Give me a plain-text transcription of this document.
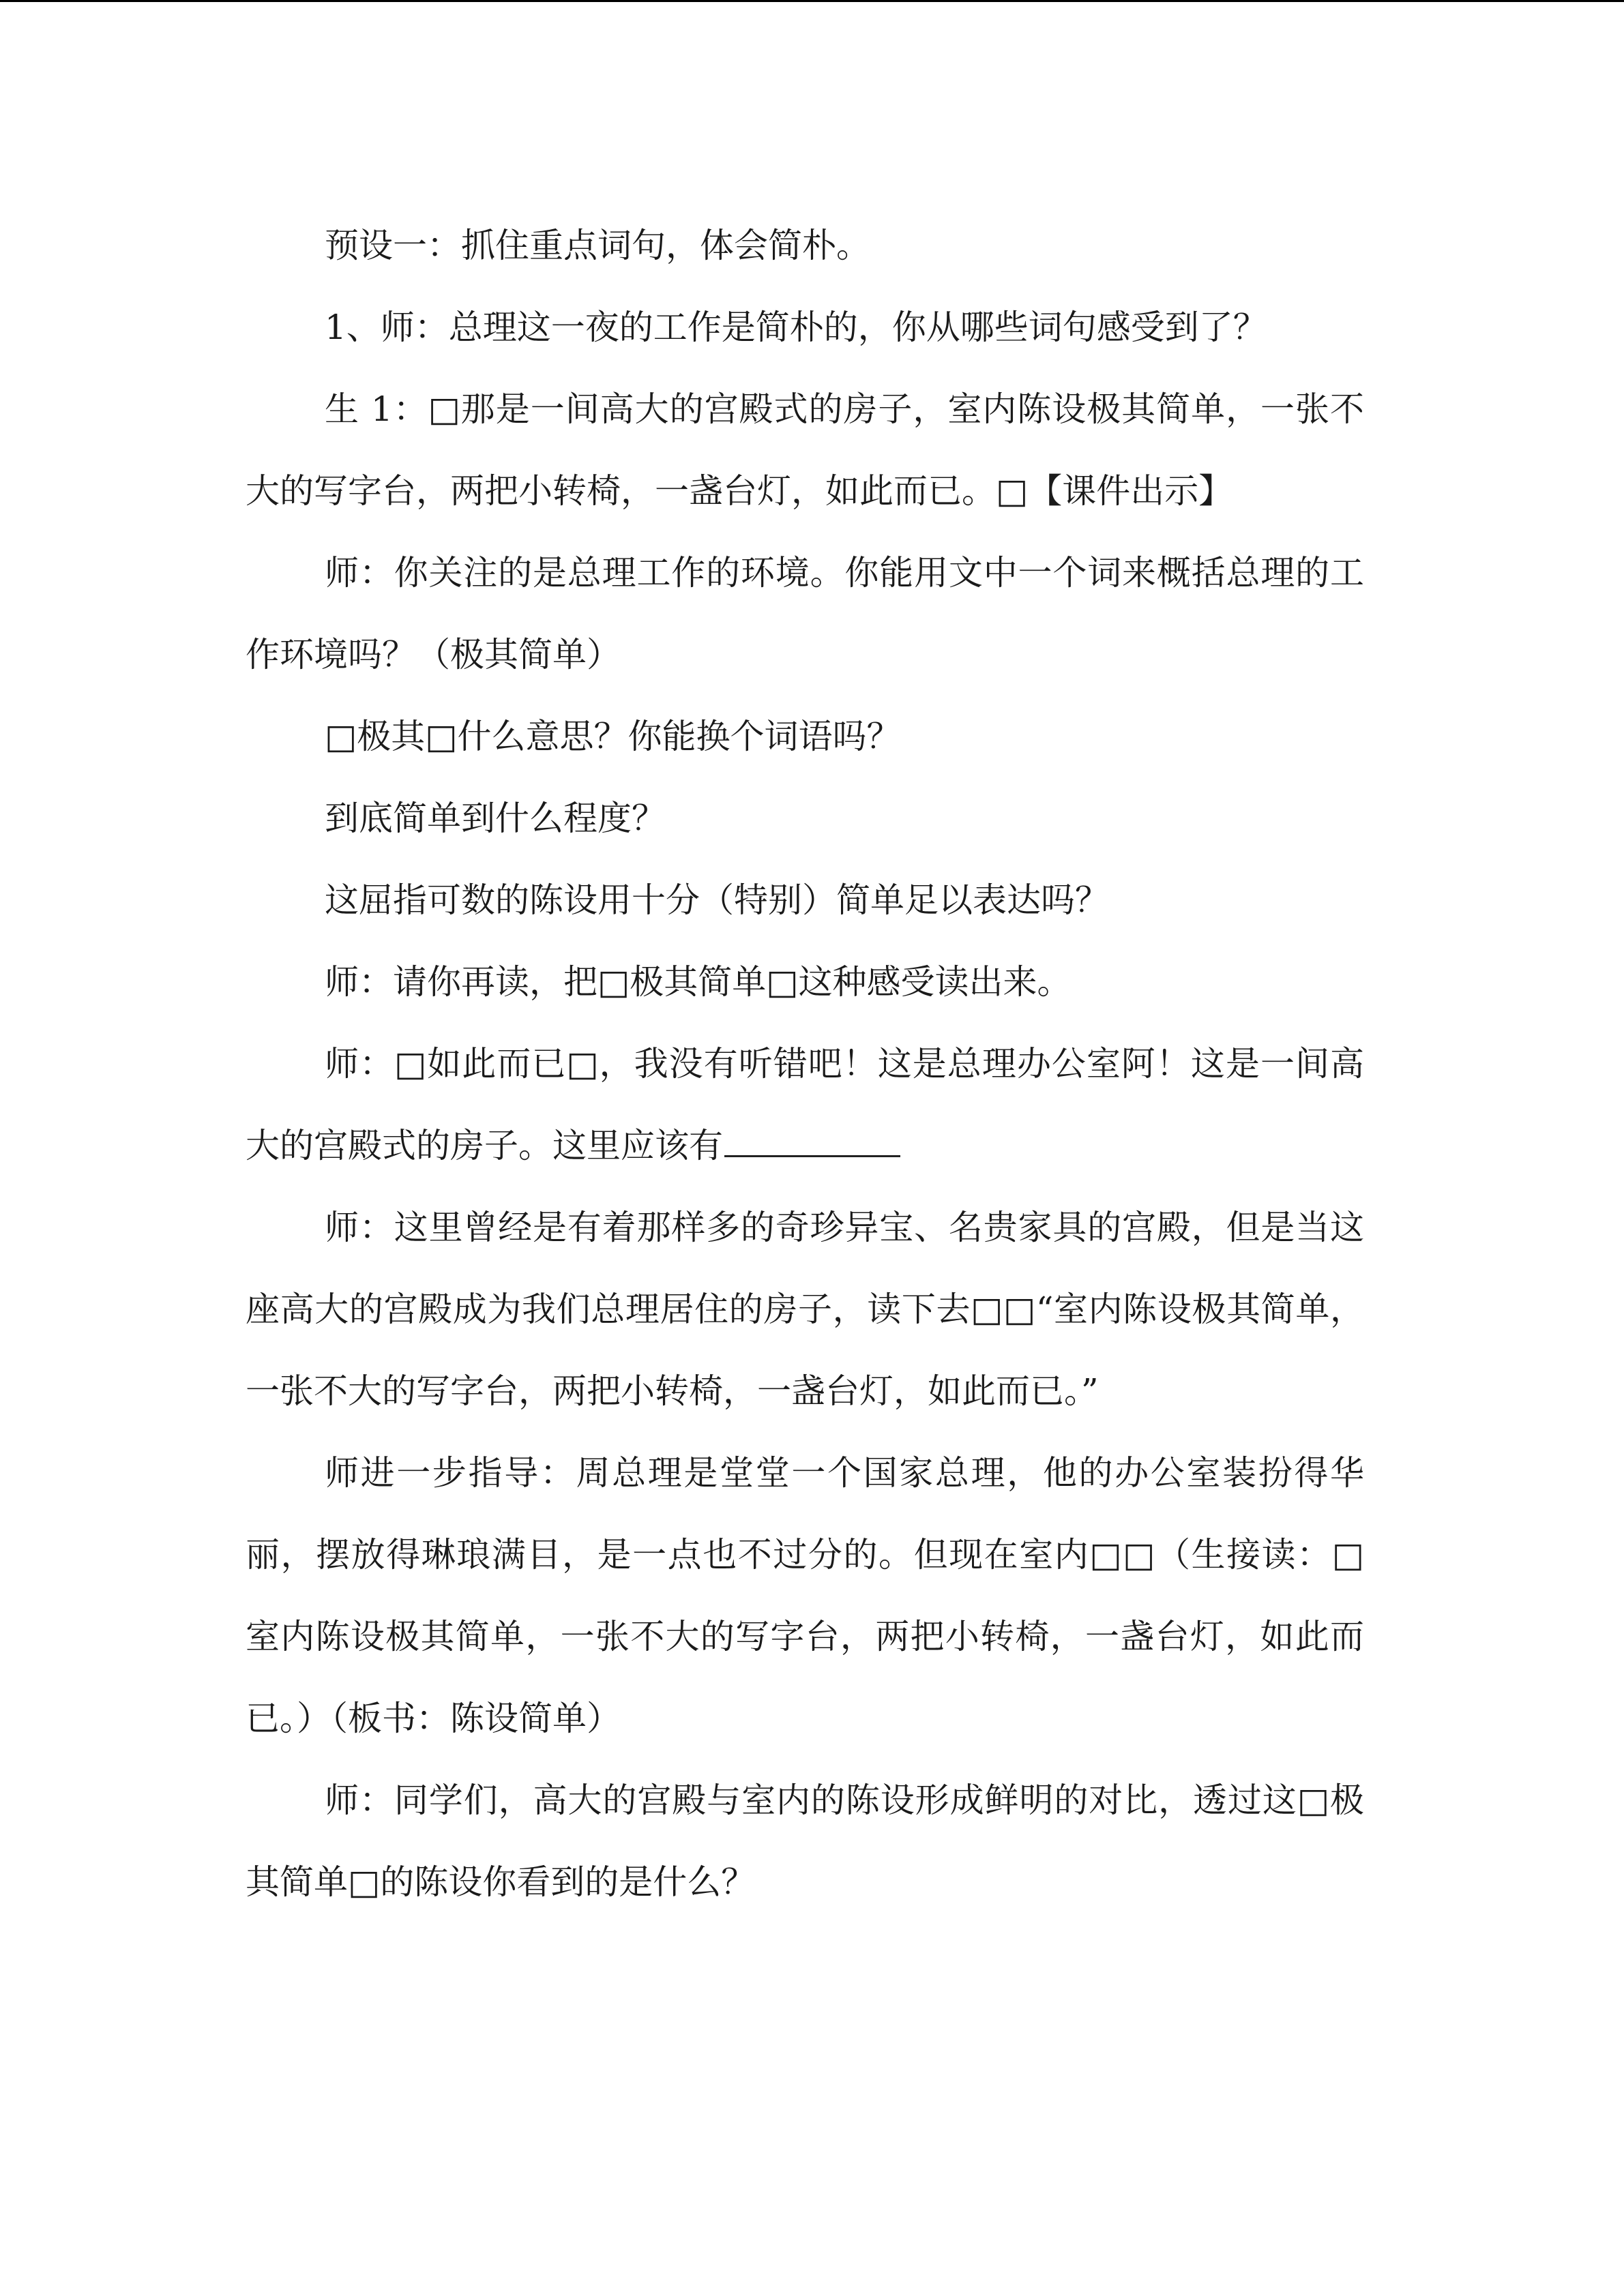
预设一：抓住重点词句，体会简朴。

1、师：总理这一夜的工作是简朴的，你从哪些词句感受到了？

生 1：□那是一间高大的宫殿式的房子，室内陈设极其简单，一张不大的写字台，两把小转椅，一盏台灯，如此而已。□【课件出示】

师：你关注的是总理工作的环境。你能用文中一个词来概括总理的工作环境吗？（极其简单）

□极其□什么意思？你能换个词语吗？

到底简单到什么程度？

这屈指可数的陈设用十分（特别）简单足以表达吗？

师：请你再读，把□极其简单□这种感受读出来。

师：□如此而已□，我没有听错吧！这是总理办公室阿！这是一间高大的宫殿式的房子。这里应该有

师：这里曾经是有着那样多的奇珍异宝、名贵家具的宫殿，但是当这座高大的宫殿成为我们总理居住的房子，读下去□□“室内陈设极其简单，一张不大的写字台，两把小转椅，一盏台灯，如此而已。”

师进一步指导：周总理是堂堂一个国家总理，他的办公室装扮得华丽，摆放得琳琅满目，是一点也不过分的。但现在室内□□（生接读：□室内陈设极其简单，一张不大的写字台，两把小转椅，一盏台灯，如此而已。）（板书：陈设简单）

师：同学们，高大的宫殿与室内的陈设形成鲜明的对比，透过这□极其简单□的陈设你看到的是什么？
